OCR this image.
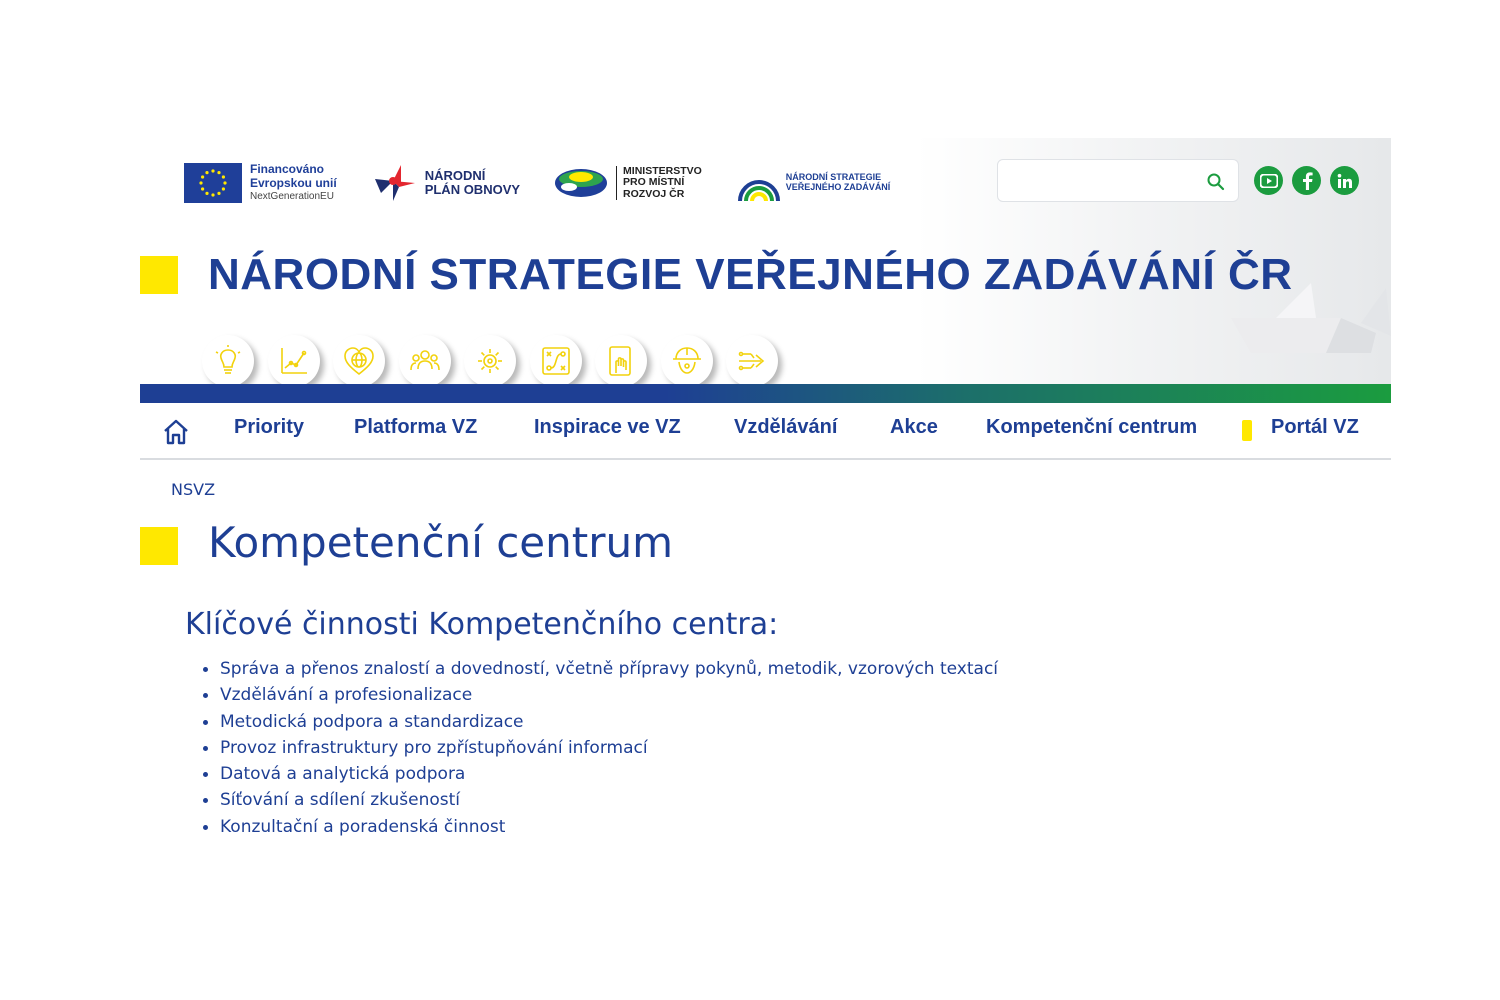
Financováno
Evropskou unií
NextGenerationEU
NÁRODNÍ
PLÁN OBNOVY
MINISTERSTVO
PRO MÍSTNÍ
ROZVOJ ČR
NÁRODNÍ STRATEGIE
VEŘEJNÉHO ZADÁVÁNÍ
NÁRODNÍ STRATEGIE VEŘEJNÉHO ZADÁVÁNÍ ČR
Priority Platforma VZ	Inspirace ve VZ	Vzdělávání	Akce Kompetenční centrum	Portál VZ
NSVZ
Kompetenční centrum
Klíčové činnosti Kompetenčního centra:
Správa a přenos znalostí a dovedností, včetně přípravy pokynů, metodik, vzorových textací
Vzdělávání a profesionalizace
Metodická podpora a standardizace
Provoz infrastruktury pro zpřístupňování informací
Datová a analytická podpora
Síťování a sdílení zkušeností
Konzultační a poradenská činnost
